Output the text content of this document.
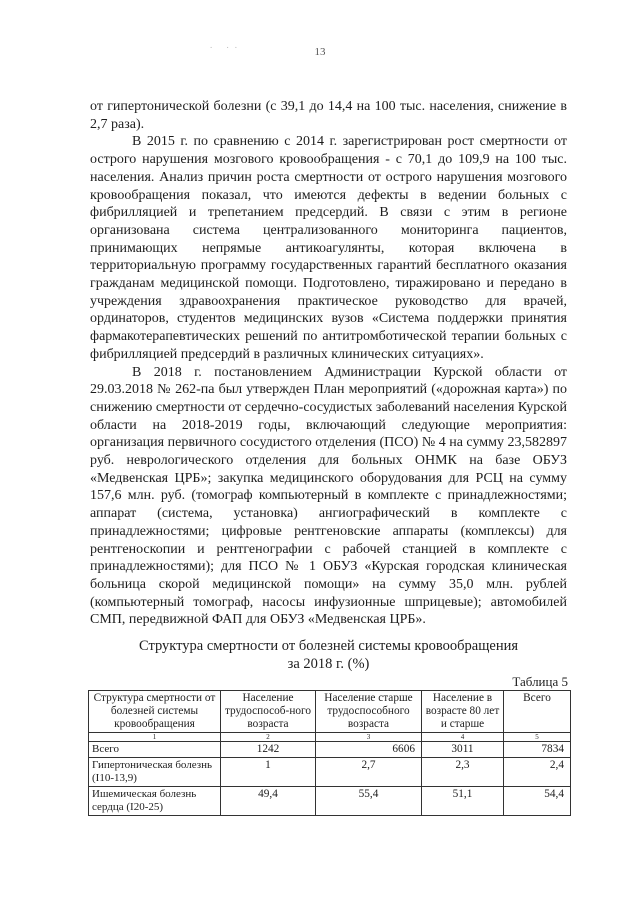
. ..
13

от гипертонической болезни (с 39,1 до 14,4 на 100 тыс. населения, снижение в 2,7 раза).

В 2015 г. по сравнению с 2014 г. зарегистрирован рост смертности от острого нарушения мозгового кровообращения - с 70,1 до 109,9 на 100 тыс. населения. Анализ причин роста смертности от острого нарушения мозгового кровообращения показал, что имеются дефекты в ведении больных с фибрилляцией и трепетанием предсердий. В связи с этим в регионе организована система централизованного мониторинга пациентов, принимающих непрямые антикоагулянты, которая включена в территориальную программу государственных гарантий бесплатного оказания гражданам медицинской помощи. Подготовлено, тиражировано и передано в учреждения здравоохранения практическое руководство для врачей, ординаторов, студентов медицинских вузов «Система поддержки принятия фармакотерапевтических решений по антитромботической терапии больных с фибрилляцией предсердий в различных клинических ситуациях».

В 2018 г. постановлением Администрации Курской области от 29.03.2018 № 262-па был утвержден План мероприятий («дорожная карта») по снижению смертности от сердечно-сосудистых заболеваний населения Курской области на 2018-2019 годы, включающий следующие мероприятия: организация первичного сосудистого отделения (ПСО) № 4 на сумму 23,582897 руб. неврологического отделения для больных ОНМК на базе ОБУЗ «Медвенская ЦРБ»; закупка медицинского оборудования для РСЦ на сумму 157,6 млн. руб. (томограф компьютерный в комплекте с принадлежностями; аппарат (система, установка) ангиографический в комплекте с принадлежностями; цифровые рентгеновские аппараты (комплексы) для рентгеноскопии и рентгенографии с рабочей станцией в комплекте с принадлежностями); для ПСО № 1 ОБУЗ «Курская городская клиническая больница скорой медицинской помощи» на сумму 35,0 млн. рублей (компьютерный томограф, насосы инфузионные шприцевые); автомобилей СМП, передвижной ФАП для ОБУЗ «Медвенская ЦРБ».

Структура смертности от болезней системы кровообращения
за 2018 г. (%)
Таблица 5
Структура смертности от болезней системы кровообращения	Население трудоспособ-ного возраста	Население старше трудоспособного возраста	Население в возрасте 80 лет и старше	Всего
1	2	3	4	5
Всего	1242	6606	3011	7834
Гипертоническая болезнь (I10-13,9)	1	2,7	2,3	2,4
Ишемическая болезнь сердца (I20-25)	49,4	55,4	51,1	54,4
